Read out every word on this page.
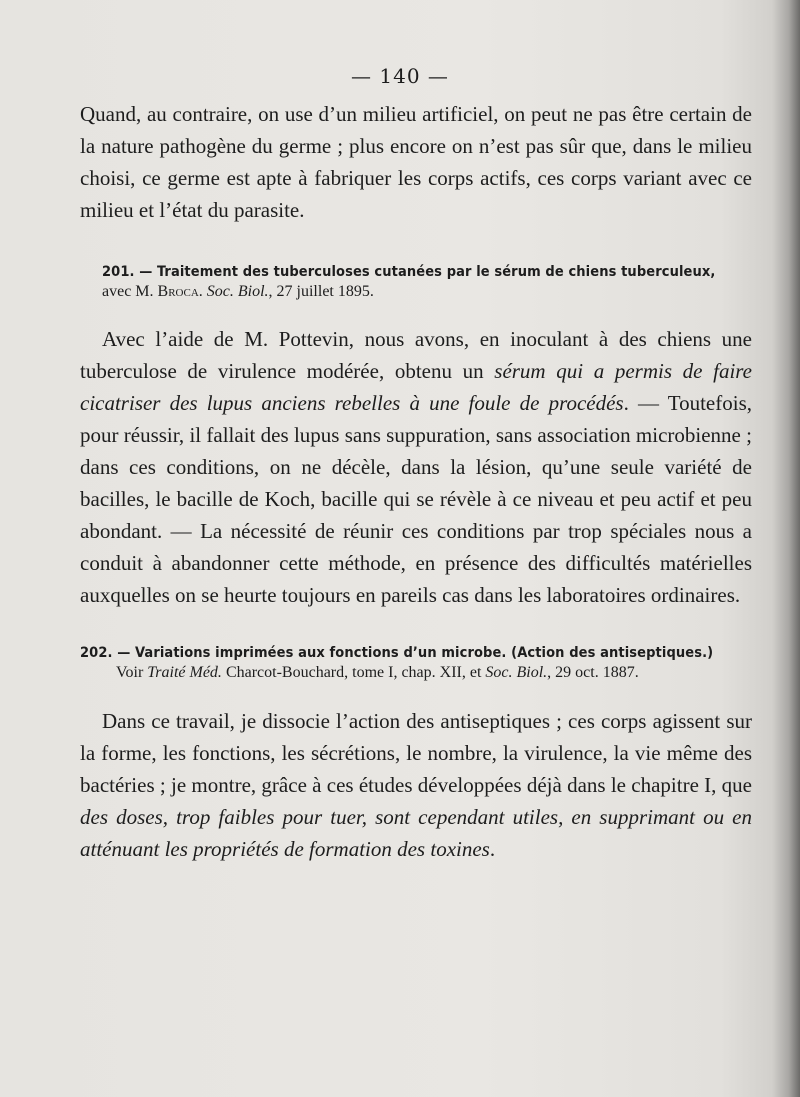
— 140 —

Quand, au contraire, on use d’un milieu artificiel, on peut ne pas être certain de la nature pathogène du germe ; plus encore on n’est pas sûr que, dans le milieu choisi, ce germe est apte à fabriquer les corps actifs, ces corps variant avec ce milieu et l’état du parasite.

201. — Traitement des tuberculoses cutanées par le sérum de chiens tuberculeux,
avec M. Broca. Soc. Biol., 27 juillet 1895.

Avec l’aide de M. Pottevin, nous avons, en inoculant à des chiens une tuberculose de virulence modérée, obtenu un sérum qui a permis de faire cicatriser des lupus anciens rebelles à une foule de procédés. — Toutefois, pour réussir, il fallait des lupus sans suppuration, sans association microbienne ; dans ces conditions, on ne décèle, dans la lésion, qu’une seule variété de bacilles, le bacille de Koch, bacille qui se révèle à ce niveau et peu actif et peu abondant. — La nécessité de réunir ces conditions par trop spéciales nous a conduit à abandonner cette méthode, en présence des difficultés matérielles auxquelles on se heurte toujours en pareils cas dans les laboratoires ordinaires.

202. — Variations imprimées aux fonctions d’un microbe. (Action des antiseptiques.)
Voir Traité Méd. Charcot-Bouchard, tome I, chap. XII, et Soc. Biol., 29 oct. 1887.

Dans ce travail, je dissocie l’action des antiseptiques ; ces corps agissent sur la forme, les fonctions, les sécrétions, le nombre, la virulence, la vie même des bactéries ; je montre, grâce à ces études développées déjà dans le chapitre I, que des doses, trop faibles pour tuer, sont cependant utiles, en supprimant ou en atténuant les propriétés de formation des toxines.
